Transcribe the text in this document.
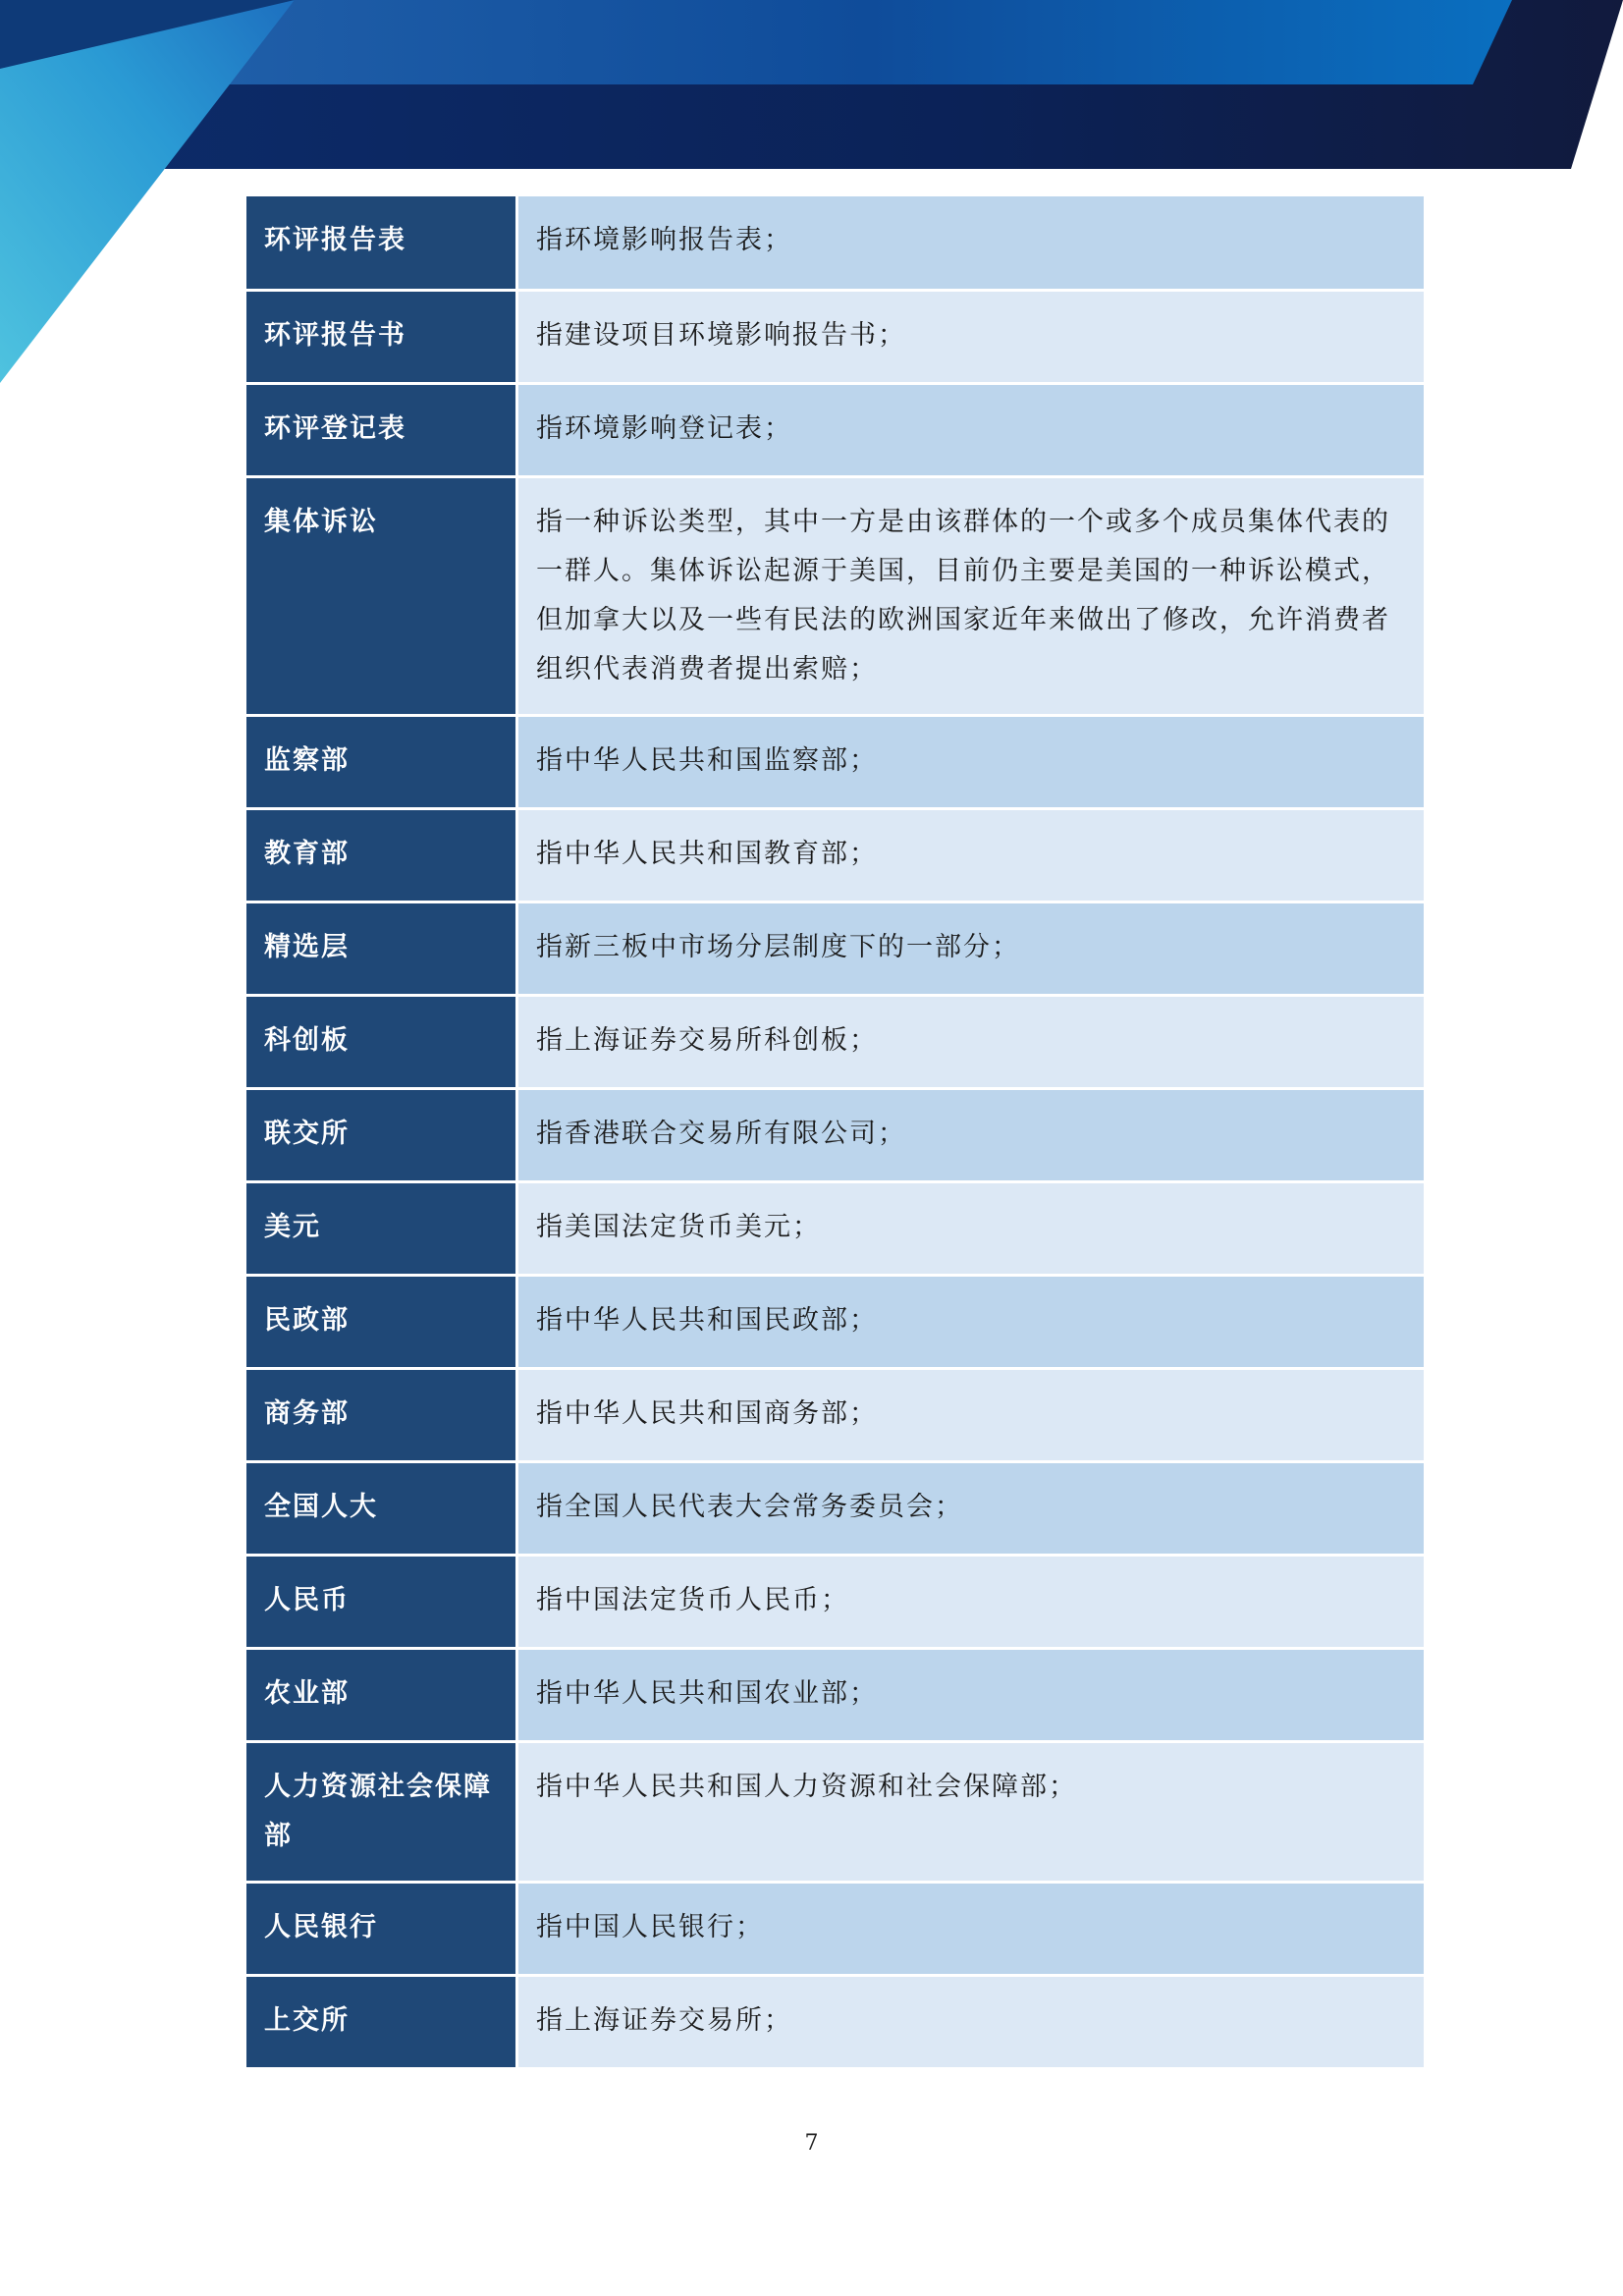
环评报告表	指环境影响报告表；
环评报告书	指建设项目环境影响报告书；
环评登记表	指环境影响登记表；
集体诉讼	指一种诉讼类型，其中一方是由该群体的一个或多个成员集体代表的一群人。集体诉讼起源于美国，目前仍主要是美国的一种诉讼模式，但加拿大以及一些有民法的欧洲国家近年来做出了修改，允许消费者组织代表消费者提出索赔；
监察部	指中华人民共和国监察部；
教育部	指中华人民共和国教育部；
精选层	指新三板中市场分层制度下的一部分；
科创板	指上海证券交易所科创板；
联交所	指香港联合交易所有限公司；
美元	指美国法定货币美元；
民政部	指中华人民共和国民政部；
商务部	指中华人民共和国商务部；
全国人大	指全国人民代表大会常务委员会；
人民币	指中国法定货币人民币；
农业部	指中华人民共和国农业部；
人力资源社会保障部	指中华人民共和国人力资源和社会保障部；
人民银行	指中国人民银行；
上交所	指上海证券交易所；
7
